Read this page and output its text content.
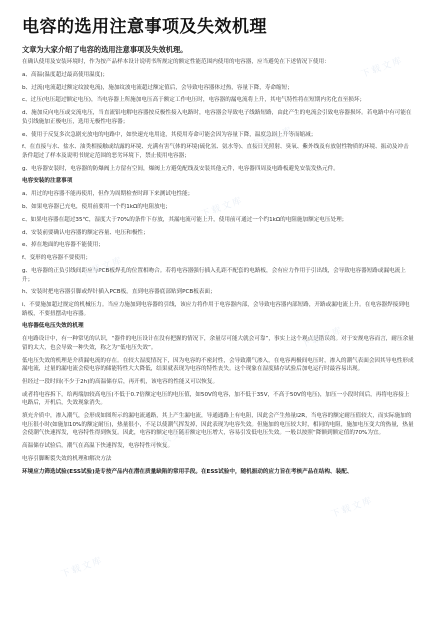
电容的选用注意事项及失效机理
文章为大家介绍了电容的选用注意事项及失效机理。

在确认使用及安装环境时，作为按产品样本设计说明书所规定的额定性能范围内使用的电容器，应当避免在下述情况下使用：

a、高温(温度超过最高使用温度)；

b、过流(电流超过额定纹波电流)，施加纹波电流超过额定值后，会导致电容器体过热，容量下降，寿命缩短；

c、过压(电压超过额定电压)，当电容器上所施加电压高于额定工作电压时，电容器的漏电流将上升，其电气特性将在短期内劣化直至损坏；

d、施加反向电压或交流电压，当直流铝电解电容器按反极性接入电路时，电容器会导致电子线路短路，由此产生的电流会引致电容器损坏。若电路中有可能在负引线施加正极电压，选用无极性电容器；

e、使用于反复多次急剧充放电的电路中，如快速充电用途，其使用寿命可能会因为容量下降，温度急剧上升等而缩减；

f、在直接与水、盐水、油类相接触或结露的环境、充满有害气体的环境(硫化氢、氨水等)、直接日光照射、臭氧、紫外线及有放射性物质的环境、振动及冲击条件超过了样本及说明书规定范围的恶劣环境下，禁止使用电容器；

g、电容器安装时，电容器的防爆阀上方留有空间，爆阀上方避免配线及安装其他元件，电容器四周及电路板避免安装发热元件。

电容安装的注意事项

a、用过的电容器不能再使用，但作为周期检查时卸下来测试电性能；

b、如果电容器已充电，使用前要用一个约1kΩ的电阻放电；

c、如果电容器在超过35℃，湿度大于70%的条件下存放，其漏电流可能上升，使用前可通过一个约1kΩ的电阻施加额定电压处理；

d、安装前要确认电容器的额定容量、电压和极性；

e、掉在地面的电容器不能使用；

f、变形的电容器不要使用；

g、电容器的正负引线间距应与PCB板焊孔的位置相吻合。若将电容器强行插入孔距不配套的电路板，会有应力作用于引出线，会导致电容器短路或漏电流上升；

h、安装时把电容器引脚或焊针插入PCB板，直到电容器底部贴到PCB板表面；

i、不要施加超过规定的机械压力。当应力施加到电容器的引线，该应力将作用于电容器内部，会导致电容器内部短路，开路或漏电流上升。在电容器焊接到电路板，不要扭摆动电容器。

电容器低电压失效的机理

在电路设计中，有一种常见的认识，“器件的电压设计在没有把握的情况下，余量尽可能大就会可靠”，事实上这个观点是错误的。对于安规电容而言，耐压余量留的太大，也会导致一种失效，称之为“低电压失效”。

低电压失效的机理是介质漏电流的存在。在较大湿度情况下，因为电容的不密封性，会导致潮气渗入，在电容两极间电压时，渗入的潮气表面会因其导电性形成漏电流，过量的漏电流会使电容的储能特性大大降低，结果就表现为电容的特性丧失。这个现象在湿度储存试验后加电运行时最容易出现。

但经过一段时间(不少于2h)的高温储存后，再开机，该电容的性能又可以恢复。

或者将电容拆下，给两端加较高电压(不低于0.7倍额定电压的电压值，如50V的电容，加不低于35V，不高于50V的电压)，加压一小段时间后，再将电容接上电路后，开机后，失效现象消失。

填充介质中，渗入潮气，会形成如图所示的漏电流通路，其上产生漏电流，导通通路上有电阻，因此会产生热量I2R，当电容的额定耐压值较大，而实际施加的电压很小时(如施加10%的额定耐压)，热量很小，不足以使潮气挥发掉，因此表现为电容失效。但施加的电压较大时，相同的电阻，施加电压变大的热量，热量会使潮气快速挥发，电容特性得到恢复。因此，电容的额定电压随着额定电压增大，容易引发低电压失效。一般以按照“降额到额定值的70%为宜。

高温储存试验后，潮气在高温下快速挥发，电容特性可恢复。

电容引脚断裂失效的机理和解决方法

环境应力筛选试验(ESS试验)是专按产品内在潜在质量缺陷的常用手段。在ESS试验中，随机振动的应力旨在考核产品在结构、装配、

下载文库
下载文库
下载文库
下载文库
下载文库
下载文库
下载文库
下载文库
